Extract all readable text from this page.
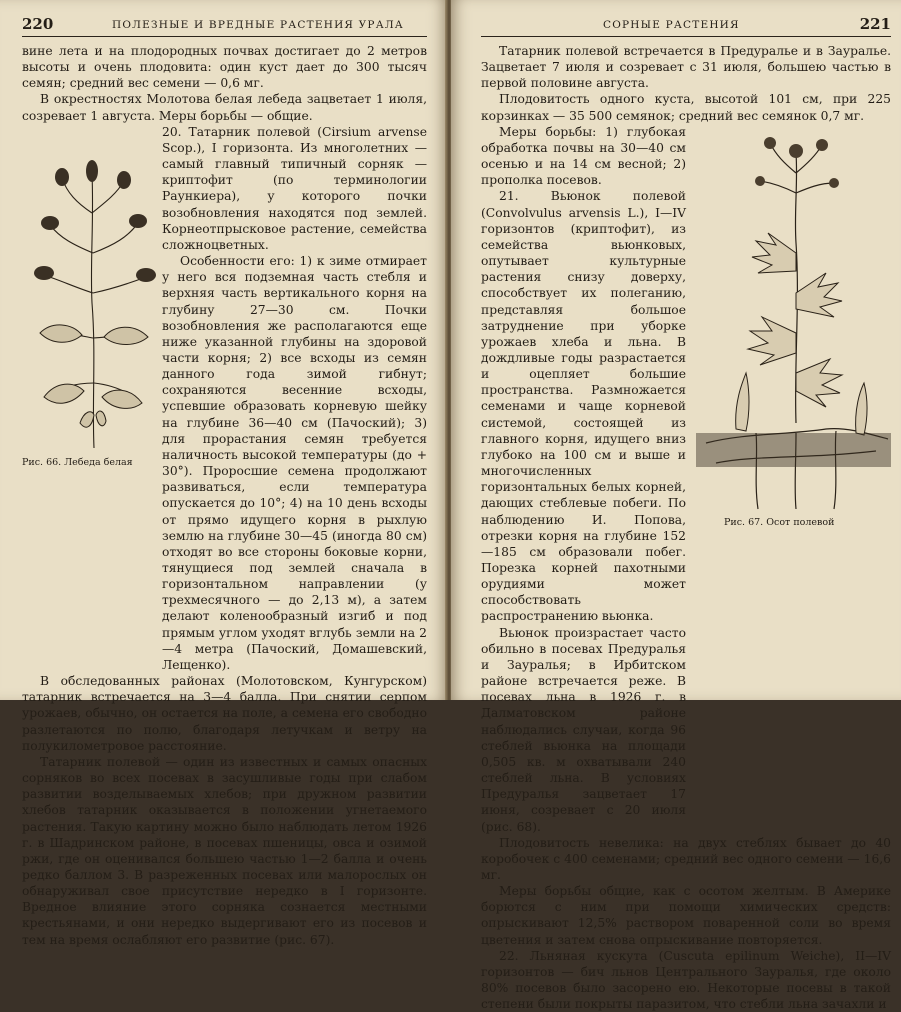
220	ПОЛЕЗНЫЕ И ВРЕДНЫЕ РАСТЕНИЯ УРАЛА
Рис. 66. Лебеда белая

вине лета и на плодородных почвах достигает до 2 метров высоты и очень плодовита: один куст дает до 300 тысяч семян; средний вес семени — 0,6 мг.

В окрестностях Молотова белая лебеда зацветает 1 июля, созревает 1 августа. Меры борьбы — общие.

20. Татарник полевой (Cirsium arvense Scop.), I горизонта. Из многолетних — самый главный типичный сорняк — криптофит (по терминологии Раункиера), у которого почки возобновления находятся под землей. Корнеотпрысковое растение, семейства сложноцветных.

Особенности его: 1) к зиме отмирает у него вся подземная часть стебля и верхняя часть вертикального корня на глубину 27—30 см. Почки возобновления же располагаются еще ниже указанной глубины на здоровой части корня; 2) все всходы из семян данного года зимой гибнут; сохраняются весенние всходы, успевшие образовать корневую шейку на глубине 36—40 см (Пачоский); 3) для прорастания семян требуется наличность высокой температуры (до + 30°). Проросшие семена продолжают развиваться, если температура опускается до 10°; 4) на 10 день всходы от прямо идущего корня в рыхлую землю на глубине 30—45 (иногда 80 см) отходят во все стороны боковые корни, тянущиеся под землей сначала в горизонтальном направлении (у трехмесячного — до 2,13 м), а затем делают коленообразный изгиб и под прямым углом уходят вглубь земли на 2—4 метра (Пачоский, Домашевский, Лещенко).

В обследованных районах (Молотовском, Кунгурском) татарник встречается на 3—4 балла. При снятии серпом урожаев, обычно, он остается на поле, а семена его свободно разлетаются по полю, благодаря летучкам и ветру на полукилометровое расстояние.

Татарник полевой — один из известных и самых опасных сорняков во всех посевах в засушливые годы при слабом развитии возделываемых хлебов; при дружном развитии хлебов татарник оказывается в положении угнетаемого растения. Такую картину можно было наблюдать летом 1926 г. в Шадринском районе, в посевах пшеницы, овса и озимой ржи, где он оценивался большею частью 1—2 балла и очень редко баллом 3. В разреженных посевах или малорослых он обнаруживал свое присутствие нередко в I горизонте. Вредное влияние этого сорняка сознается местными крестьянами, и они нередко выдергивают его из посевов и тем на время ослабляют его развитие (рис. 67).

СОРНЫЕ РАСТЕНИЯ	221
Рис. 67. Осот полевой

Татарник полевой встречается в Предуралье и в Зауралье. Зацветает 7 июля и созревает с 31 июля, большею частью в первой половине августа.

Плодовитость одного куста, высотой 101 см, при 225 корзинках — 35 500 семянок; средний вес семянок 0,7 мг.

Меры борьбы: 1) глубокая обработка почвы на 30—40 см осенью и на 14 см весной; 2) прополка посевов.

21. Вьюнок полевой (Convolvulus arvensis L.), I—IV горизонтов (криптофит), из семейства вьюнковых, опутывает культурные растения снизу доверху, способствует их полеганию, представляя большое затруднение при уборке урожаев хлеба и льна. В дождливые годы разрастается и оцепляет большие пространства. Размножается семенами и чаще корневой системой, состоящей из главного корня, идущего вниз глубоко на 100 см и выше и многочисленных горизонтальных белых корней, дающих стеблевые побеги. По наблюдению И. Попова, отрезки корня на глубине 152—185 см образовали побег. Порезка корней пахотными орудиями может способствовать распространению вьюнка.

Вьюнок произрастает часто обильно в посевах Предуралья и Зауралья; в Ирбитском районе встречается реже. В посевах льна в 1926 г. в Далматовском районе наблюдались случаи, когда 96 стеблей вьюнка на площади 0,505 кв. м охватывали 240 стеблей льна. В условиях Предуралья зацветает 17 июня, созревает с 20 июля (рис. 68).

Плодовитость невелика: на двух стеблях бывает до 40 коробочек с 400 семенами; средний вес одного семени — 16,6 мг.

Меры борьбы общие, как с осотом желтым. В Америке борются с ним при помощи химических средств: опрыскивают 12,5% раствором поваренной соли во время цветения и затем снова опрыскивание повторяется.

22. Льняная кускута (Cuscuta epilinum Weiche), II—IV горизонтов — бич льнов Центрального Зауралья, где около 80% посевов было засорено ею. Некоторые посевы в такой степени были покрыты паразитом, что стебли льна зачахли и
